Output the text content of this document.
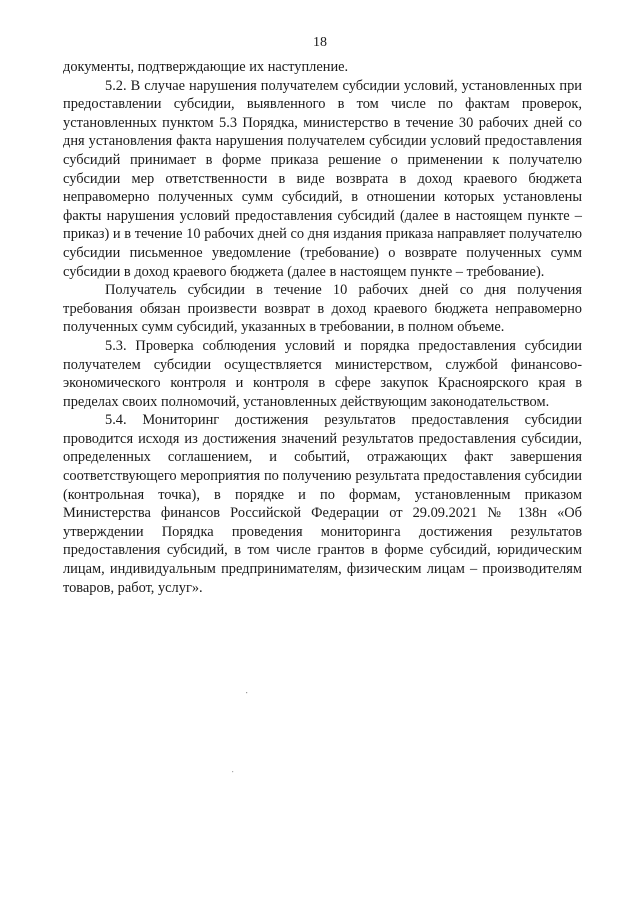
18

документы, подтверждающие их наступление.

5.2. В случае нарушения получателем субсидии условий, установленных при предоставлении субсидии, выявленного в том числе по фактам проверок, установленных пунктом 5.3 Порядка, министерство в течение 30 рабочих дней со дня установления факта нарушения получателем субсидии условий предоставления субсидий принимает в форме приказа решение о применении к получателю субсидии мер ответственности в виде возврата в доход краевого бюджета неправомерно полученных сумм субсидий, в отношении которых установлены факты нарушения условий предоставления субсидий (далее в настоящем пункте – приказ) и в течение 10 рабочих дней со дня издания приказа направляет получателю субсидии письменное уведомление (требование) о возврате полученных сумм субсидии в доход краевого бюджета (далее в настоящем пункте – требование).

Получатель субсидии в течение 10 рабочих дней со дня получения требования обязан произвести возврат в доход краевого бюджета неправомерно полученных сумм субсидий, указанных в требовании, в полном объеме.

5.3. Проверка соблюдения условий и порядка предоставления субсидии получателем субсидии осуществляется министерством, службой финансово-экономического контроля и контроля в сфере закупок Красноярского края в пределах своих полномочий, установленных действующим законодательством.

5.4. Мониторинг достижения результатов предоставления субсидии проводится исходя из достижения значений результатов предоставления субсидии, определенных соглашением, и событий, отражающих факт завершения соответствующего мероприятия по получению результата предоставления субсидии (контрольная точка), в порядке и по формам, установленным приказом Министерства финансов Российской Федерации от 29.09.2021 № 138н «Об утверждении Порядка проведения мониторинга достижения результатов предоставления субсидий, в том числе грантов в форме субсидий, юридическим лицам, индивидуальным предпринимателям, физическим лицам – производителям товаров, работ, услуг».
